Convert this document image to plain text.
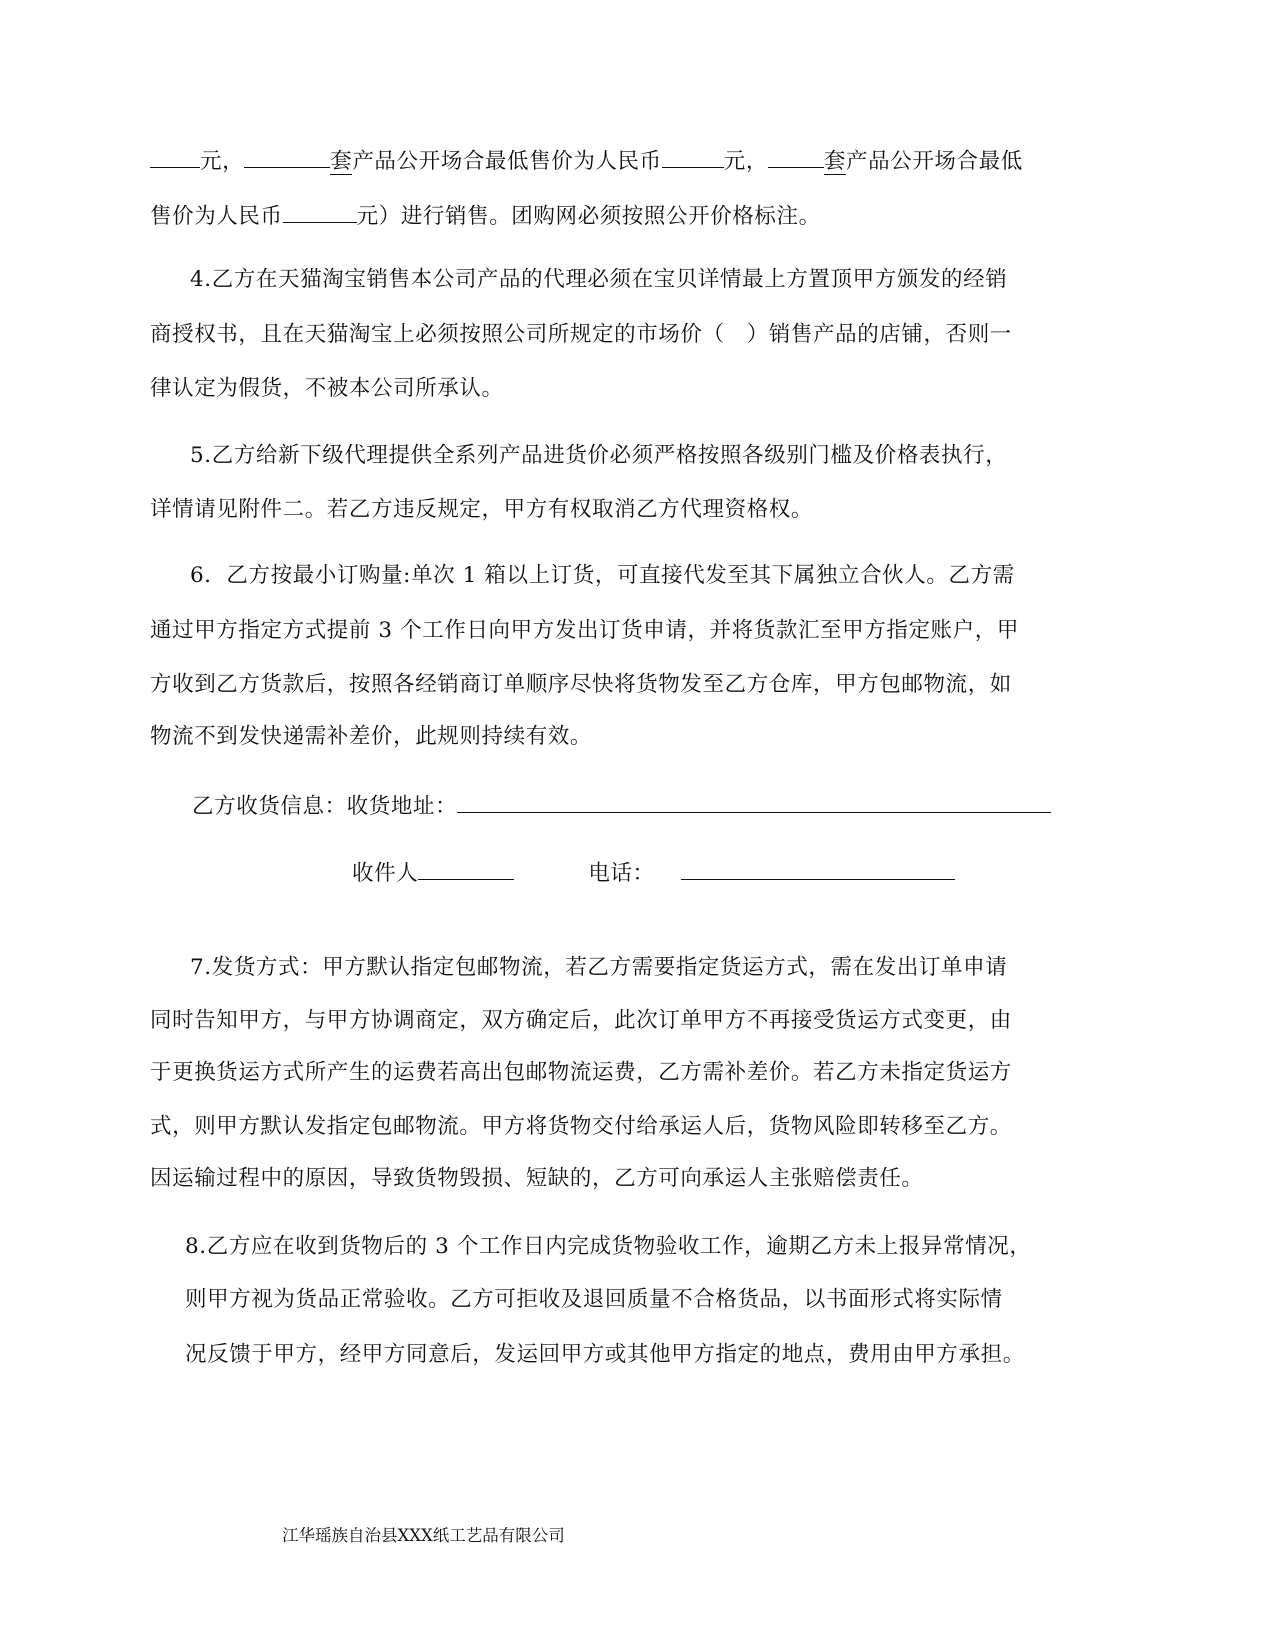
元，	套产品公开场合最低售价为人民币	元，	套产品公开场合最低
售价为人民币	元）进行销售。团购网必须按照公开价格标注。
4.乙方在天猫淘宝销售本公司产品的代理必须在宝贝详情最上方置顶甲方颁发的经销
商授权书，且在天猫淘宝上必须按照公司所规定的市场价（　）销售产品的店铺，否则一
律认定为假货，不被本公司所承认。
5.乙方给新下级代理提供全系列产品进货价必须严格按照各级别门槛及价格表执行，
详情请见附件二。若乙方违反规定，甲方有权取消乙方代理资格权。
6．乙方按最小订购量:单次 1 箱以上订货，可直接代发至其下属独立合伙人。乙方需
通过甲方指定方式提前 3 个工作日向甲方发出订货申请，并将货款汇至甲方指定账户，甲
方收到乙方货款后，按照各经销商订单顺序尽快将货物发至乙方仓库，甲方包邮物流，如
物流不到发快递需补差价，此规则持续有效。
乙方收货信息：收货地址：
收件人	电话：
7.发货方式：甲方默认指定包邮物流，若乙方需要指定货运方式，需在发出订单申请
同时告知甲方，与甲方协调商定，双方确定后，此次订单甲方不再接受货运方式变更，由
于更换货运方式所产生的运费若高出包邮物流运费，乙方需补差价。若乙方未指定货运方
式，则甲方默认发指定包邮物流。甲方将货物交付给承运人后，货物风险即转移至乙方。
因运输过程中的原因，导致货物毁损、短缺的，乙方可向承运人主张赔偿责任。
8.乙方应在收到货物后的 3 个工作日内完成货物验收工作，逾期乙方未上报异常情况，
则甲方视为货品正常验收。乙方可拒收及退回质量不合格货品，以书面形式将实际情
况反馈于甲方，经甲方同意后，发运回甲方或其他甲方指定的地点，费用由甲方承担。
江华瑶族自治县XXX纸工艺品有限公司
